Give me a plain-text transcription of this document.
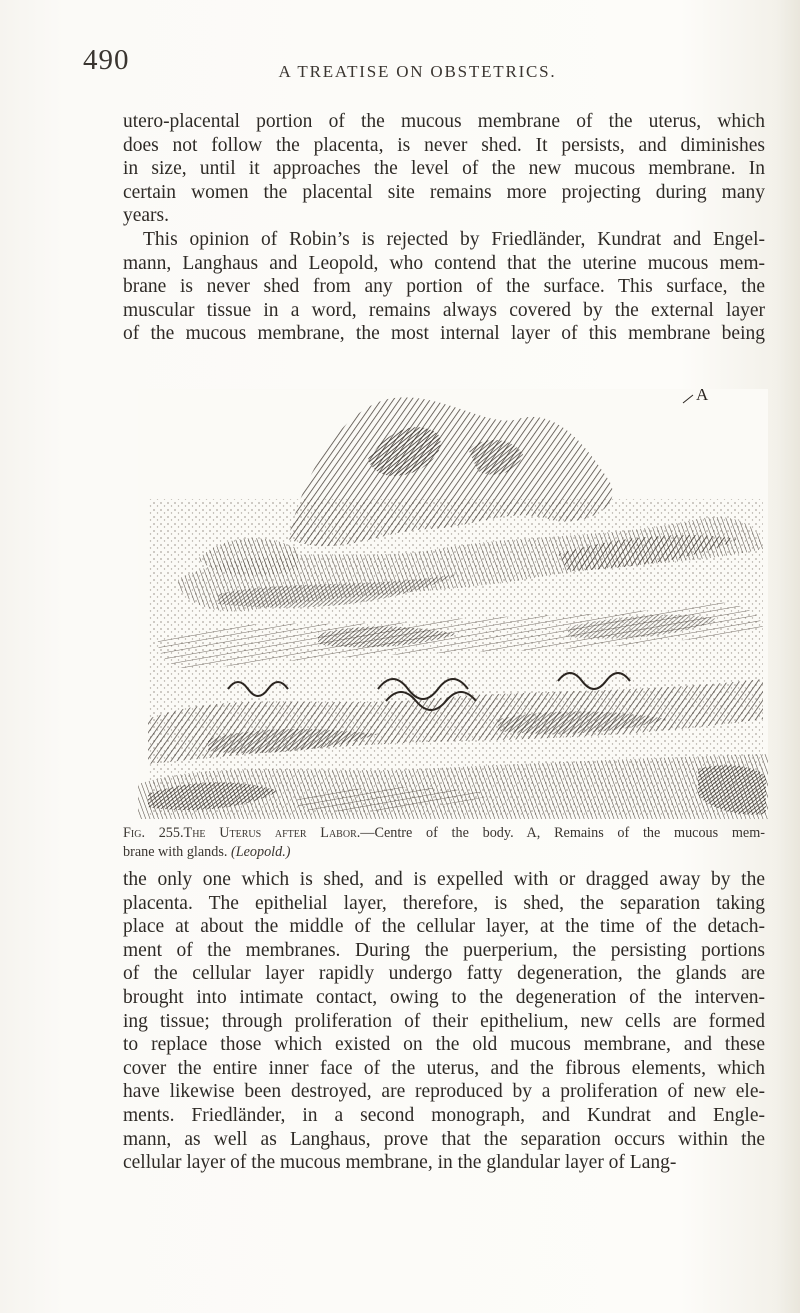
490	A TREATISE ON OBSTETRICS.
utero-placental portion of the mucous membrane of the uterus, which
does not follow the placenta, is never shed. It persists, and diminishes
in size, until it approaches the level of the new mucous membrane. In
certain women the placental site remains more projecting during many
years.
This opinion of Robin’s is rejected by Friedländer, Kundrat and Engel-
mann, Langhaus and Leopold, who contend that the uterine mucous mem-
brane is never shed from any portion of the surface. This surface, the
muscular tissue in a word, remains always covered by the external layer
of the mucous membrane, the most internal layer of this membrane being
A
Fig. 255.The Uterus after Labor.—Centre of the body. A, Remains of the mucous mem-
brane with glands. (Leopold.)
the only one which is shed, and is expelled with or dragged away by the
placenta. The epithelial layer, therefore, is shed, the separation taking
place at about the middle of the cellular layer, at the time of the detach-
ment of the membranes. During the puerperium, the persisting portions
of the cellular layer rapidly undergo fatty degeneration, the glands are
brought into intimate contact, owing to the degeneration of the interven-
ing tissue; through proliferation of their epithelium, new cells are formed
to replace those which existed on the old mucous membrane, and these
cover the entire inner face of the uterus, and the fibrous elements, which
have likewise been destroyed, are reproduced by a proliferation of new ele-
ments. Friedländer, in a second monograph, and Kundrat and Engle-
mann, as well as Langhaus, prove that the separation occurs within the
cellular layer of the mucous membrane, in the glandular layer of Lang-
